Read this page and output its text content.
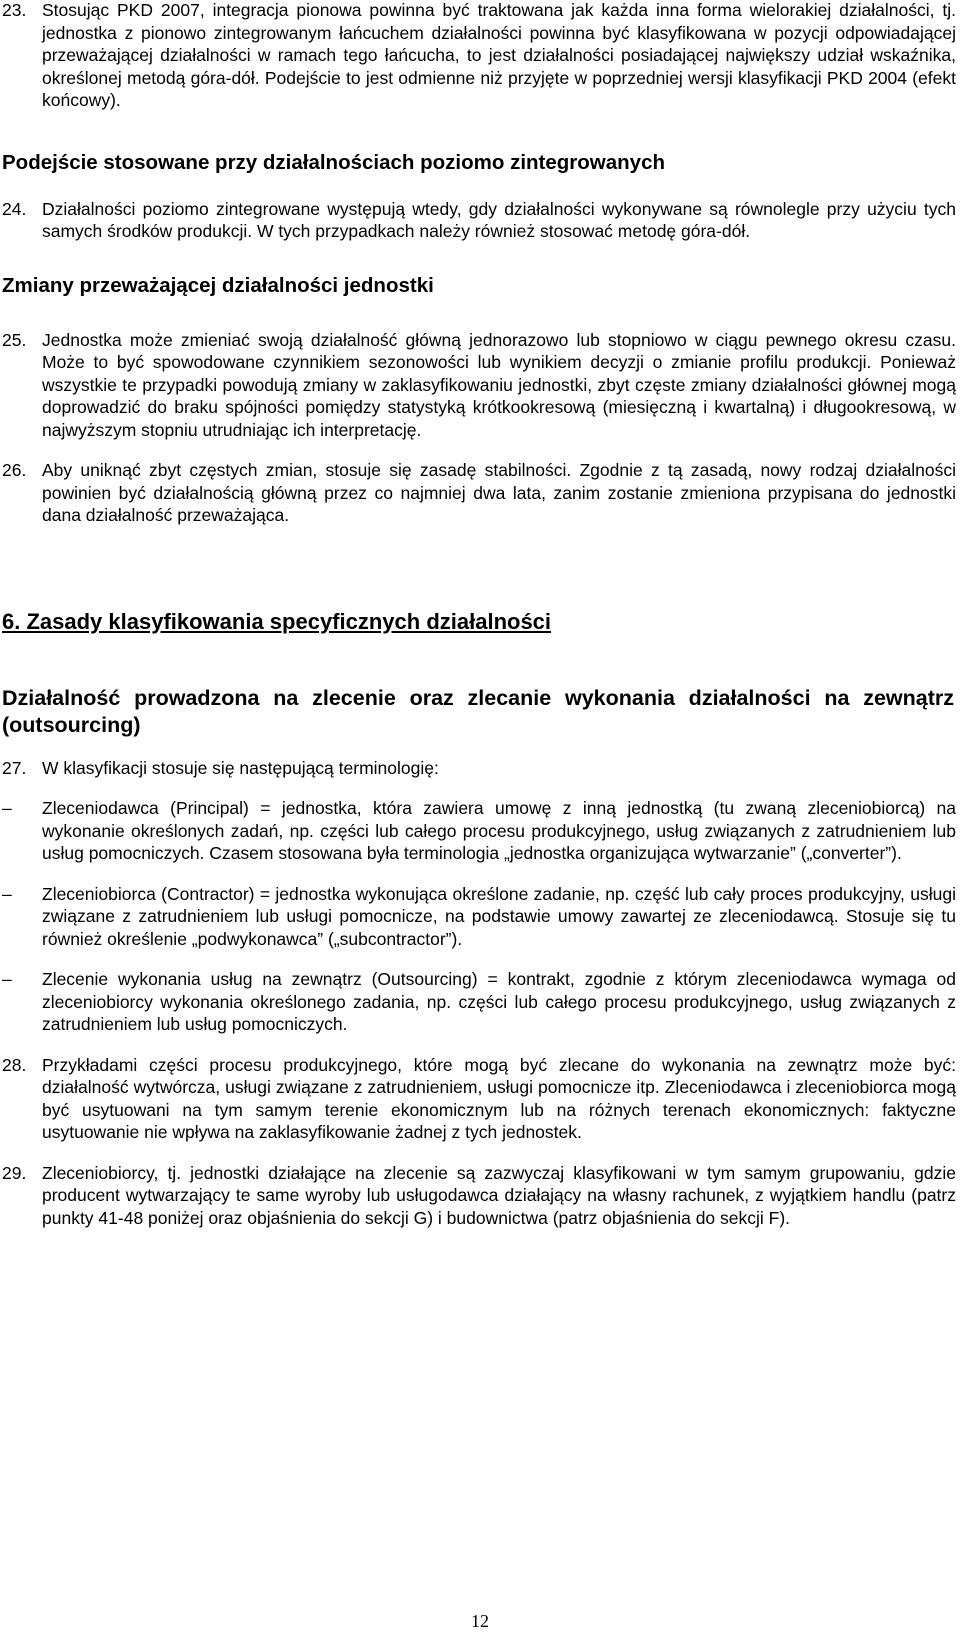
23. Stosując PKD 2007, integracja pionowa powinna być traktowana jak każda inna forma wielorakiej działalności, tj. jednostka z pionowo zintegrowanym łańcuchem działalności powinna być klasyfikowana w pozycji odpowiadającej przeważającej działalności w ramach tego łańcucha, to jest działalności posiadającej największy udział wskaźnika, określonej metodą góra-dół. Podejście to jest odmienne niż przyjęte w poprzedniej wersji klasyfikacji PKD 2004 (efekt końcowy).
Podejście stosowane przy działalnościach poziomo zintegrowanych
24. Działalności poziomo zintegrowane występują wtedy, gdy działalności wykonywane są równolegle przy użyciu tych samych środków produkcji. W tych przypadkach należy również stosować metodę góra-dół.
Zmiany przeważającej działalności jednostki
25. Jednostka może zmieniać swoją działalność główną jednorazowo lub stopniowo w ciągu pewnego okresu czasu. Może to być spowodowane czynnikiem sezonowości lub wynikiem decyzji o zmianie profilu produkcji. Ponieważ wszystkie te przypadki powodują zmiany w zaklasyfikowaniu jednostki, zbyt częste zmiany działalności głównej mogą doprowadzić do braku spójności pomiędzy statystyką krótkookresową (miesięczną i kwartalną) i długookresową, w najwyższym stopniu utrudniając ich interpretację.
26. Aby uniknąć zbyt częstych zmian, stosuje się zasadę stabilności. Zgodnie z tą zasadą, nowy rodzaj działalności powinien być działalnością główną przez co najmniej dwa lata, zanim zostanie zmieniona przypisana do jednostki dana działalność przeważająca.
6. Zasady klasyfikowania specyficznych działalności
Działalność prowadzona na zlecenie oraz zlecanie wykonania działalności na zewnątrz (outsourcing)
27. W klasyfikacji stosuje się następującą terminologię:
– Zleceniodawca (Principal) = jednostka, która zawiera umowę z inną jednostką (tu zwaną zleceniobiorcą) na wykonanie określonych zadań, np. części lub całego procesu produkcyjnego, usług związanych z zatrudnieniem lub usług pomocniczych. Czasem stosowana była terminologia „jednostka organizująca wytwarzanie” („converter”).
– Zleceniobiorca (Contractor) = jednostka wykonująca określone zadanie, np. część lub cały proces produkcyjny, usługi związane z zatrudnieniem lub usługi pomocnicze, na podstawie umowy zawartej ze zleceniodawcą. Stosuje się tu również określenie „podwykonawca” („subcontractor”).
– Zlecenie wykonania usług na zewnątrz (Outsourcing) = kontrakt, zgodnie z którym zleceniodawca wymaga od zleceniobiorcy wykonania określonego zadania, np. części lub całego procesu produkcyjnego, usług związanych z zatrudnieniem lub usług pomocniczych.
28. Przykładami części procesu produkcyjnego, które mogą być zlecane do wykonania na zewnątrz może być: działalność wytwórcza, usługi związane z zatrudnieniem, usługi pomocnicze itp. Zleceniodawca i zleceniobiorca mogą być usytuowani na tym samym terenie ekonomicznym lub na różnych terenach ekonomicznych: faktyczne usytuowanie nie wpływa na zaklasyfikowanie żadnej z tych jednostek.
12
29. Zleceniobiorcy, tj. jednostki działające na zlecenie są zazwyczaj klasyfikowani w tym samym grupowaniu, gdzie producent wytwarzający te same wyroby lub usługodawca działający na własny rachunek, z wyjątkiem handlu (patrz punkty 41-48 poniżej oraz objaśnienia do sekcji G) i budownictwa (patrz objaśnienia do sekcji F).
